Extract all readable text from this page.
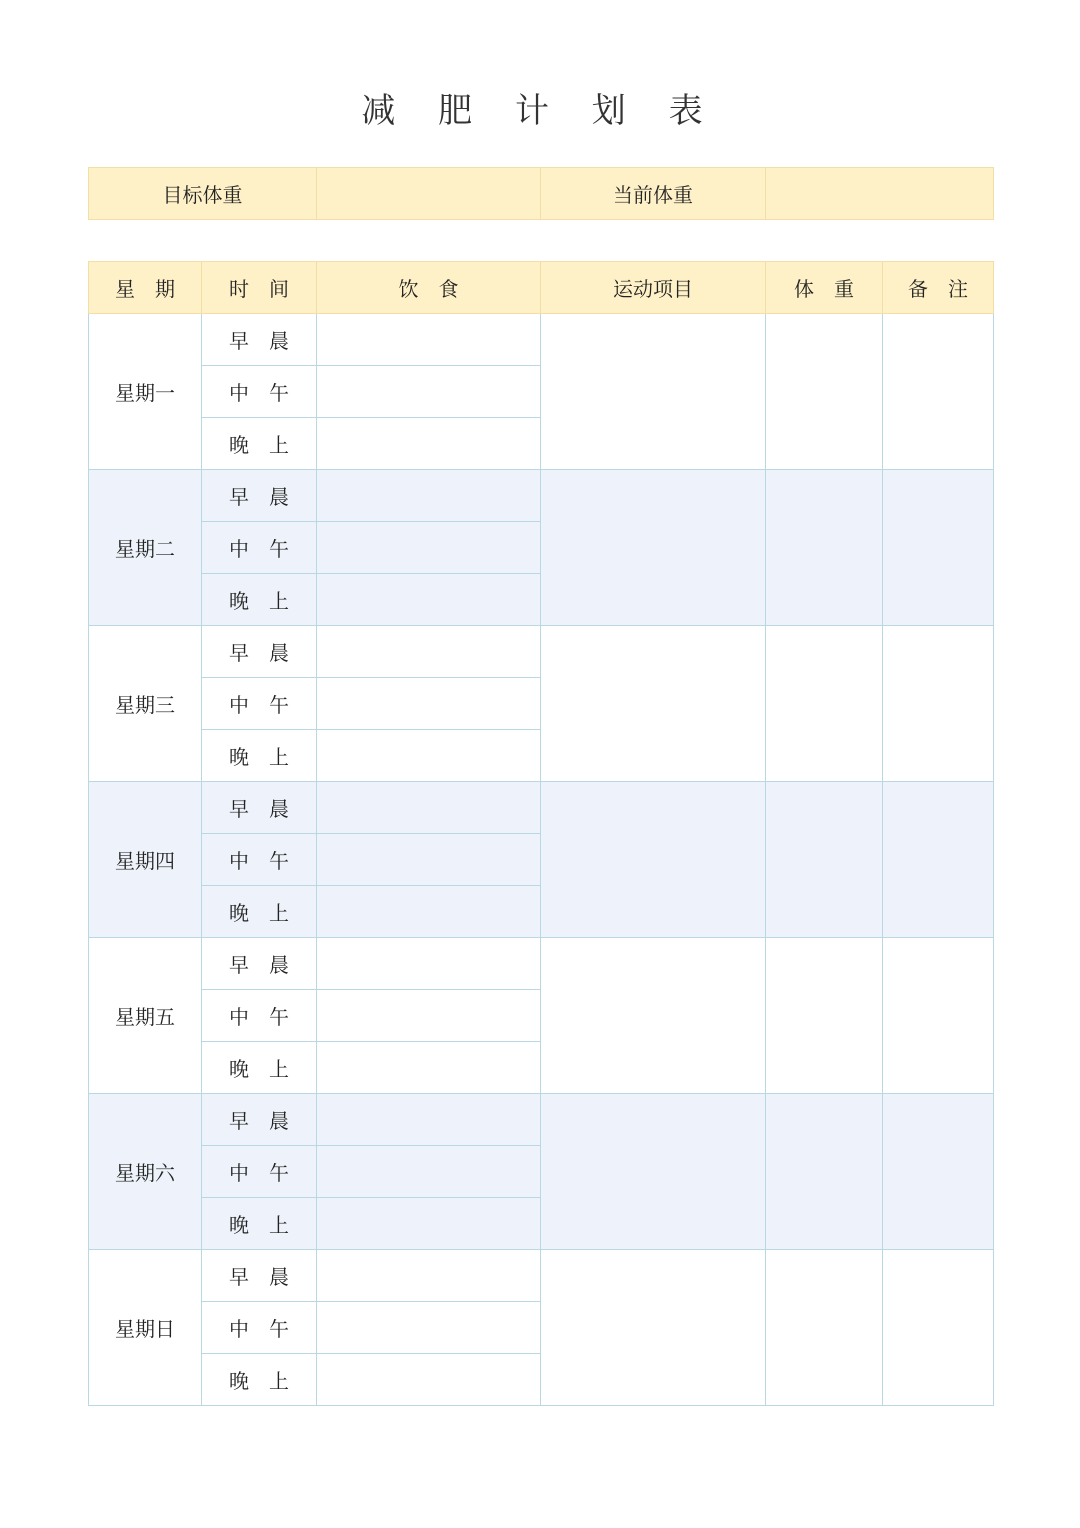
减 肥 计 划 表
目标体重		当前体重	
星　期	时　间	饮　食	运动项目	体　重	备　注
星期一	早　晨				
	中　午				
	晚　上				
星期二	早　晨				
	中　午				
	晚　上				
星期三	早　晨				
	中　午				
	晚　上				
星期四	早　晨				
	中　午				
	晚　上				
星期五	早　晨				
	中　午				
	晚　上				
星期六	早　晨				
	中　午				
	晚　上				
星期日	早　晨				
	中　午				
	晚　上				
